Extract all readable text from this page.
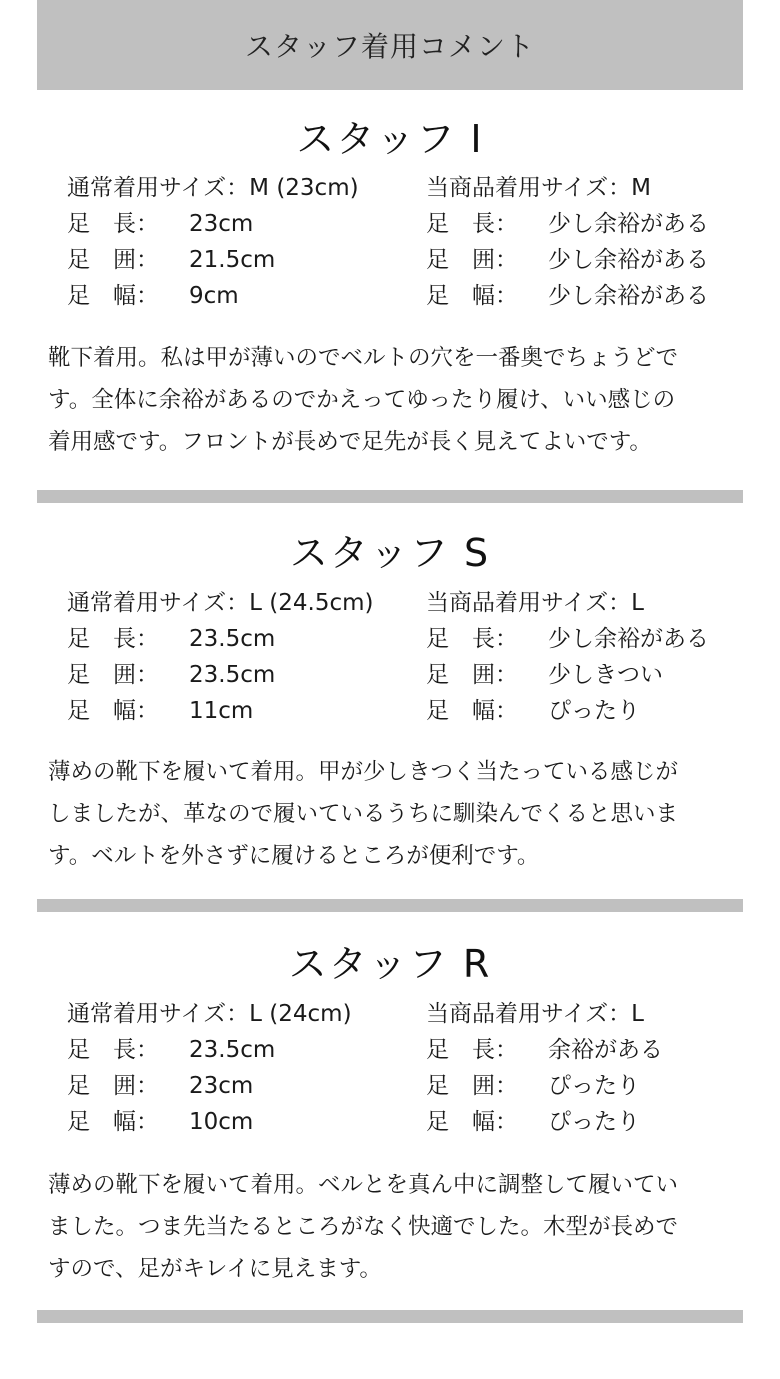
スタッフ着用コメント
スタッフ I
通常着用サイズ：M (23cm)
足　長： 23cm
足　囲： 21.5cm
足　幅： 9cm
当商品着用サイズ：M
足　長： 少し余裕がある
足　囲： 少し余裕がある
足　幅： 少し余裕がある
靴下着用。私は甲が薄いのでベルトの穴を一番奥でちょうどで
す。全体に余裕があるのでかえってゆったり履け、いい感じの
着用感です。フロントが長めで足先が長く見えてよいです。
スタッフ S
通常着用サイズ：L (24.5cm)
足　長： 23.5cm
足　囲： 23.5cm
足　幅： 11cm
当商品着用サイズ：L
足　長： 少し余裕がある
足　囲： 少しきつい
足　幅： ぴったり
薄めの靴下を履いて着用。甲が少しきつく当たっている感じが
しましたが、革なので履いているうちに馴染んでくると思いま
す。ベルトを外さずに履けるところが便利です。
スタッフ R
通常着用サイズ：L (24cm)
足　長： 23.5cm
足　囲： 23cm
足　幅： 10cm
当商品着用サイズ：L
足　長： 余裕がある
足　囲： ぴったり
足　幅： ぴったり
薄めの靴下を履いて着用。ベルとを真ん中に調整して履いてい
ました。つま先当たるところがなく快適でした。木型が長めで
すので、足がキレイに見えます。
